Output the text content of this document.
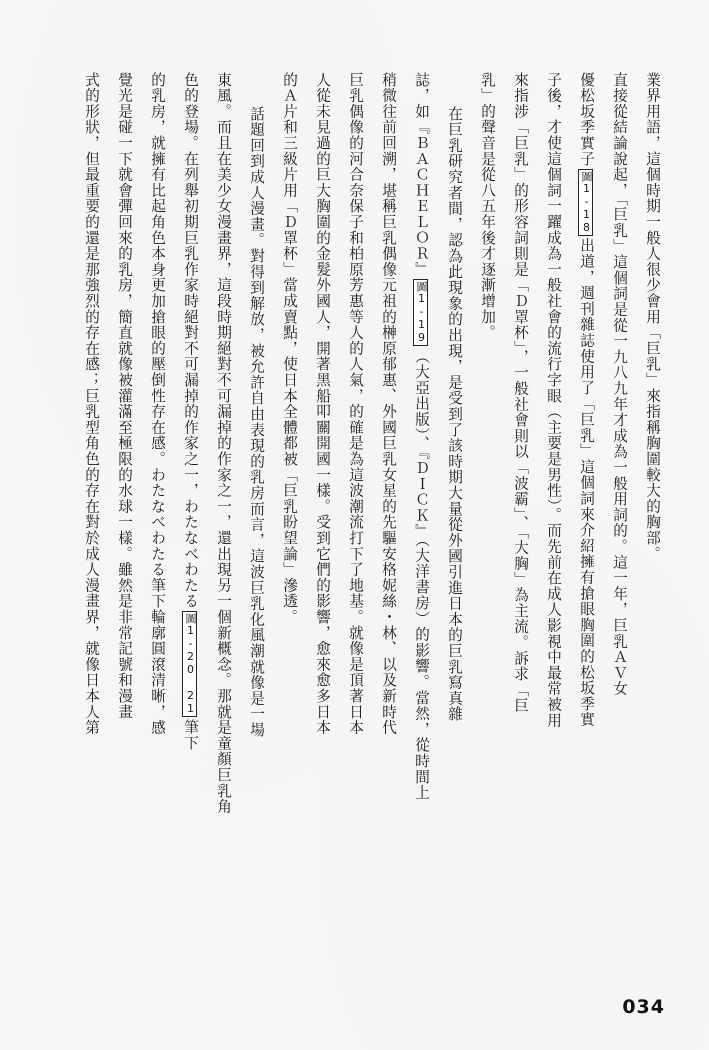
業界用語，這個時期一般人很少會用「巨乳」來指稱胸圍較大的胸部。

直接從結論說起，「巨乳」這個詞是從一九八九年才成為一般用詞的。這一年，巨乳ＡＶ女

優松坂季實子圖1-18出道，週刊雜誌使用了「巨乳」這個詞來介紹擁有搶眼胸圍的松坂季實

子後，才使這個詞一躍成為一般社會的流行字眼（主要是男性）。而先前在成人影視中最常被用

來指涉「巨乳」的形容詞則是「Ｄ罩杯」，一般社會則以「波霸」、「大胸」為主流。訴求「巨

乳」的聲音是從八五年後才逐漸增加。

在巨乳研究者間，認為此現象的出現，是受到了該時期大量從外國引進日本的巨乳寫真雜

誌，如『ＢＡＣＨＥＬＯＲ』圖1-19（大亞出版）、『ＤＩＣＫ』（大洋書房）的影響。當然，從時間上

稍微往前回溯，堪稱巨乳偶像元祖的榊原郁惠、外國巨乳女星的先驅安格妮絲・林、以及新時代

巨乳偶像的河合奈保子和柏原芳惠等人的人氣，的確是為這波潮流打下了地基。就像是頂著日本

人從未見過的巨大胸圍的金髮外國人，開著黑船叩關開國一樣。受到它們的影響，愈來愈多日本

的Ａ片和三級片用「Ｄ罩杯」當成賣點，使日本全體都被「巨乳盼望論」滲透。

話題回到成人漫畫。對得到解放，被允許自由表現的乳房而言，這波巨乳化風潮就像是一場

東風。而且在美少女漫畫界，這段時期絕對不可漏掉的作家之一，還出現另一個新概念。那就是童顏巨乳角

色的登場。在列舉初期巨乳作家時絕對不可漏掉的作家之一，わたなべわたる圖1-20 21筆下

的乳房，就擁有比起角色本身更加搶眼的壓倒性存在感。わたなべわたる筆下輪廓圓滾清晰，感

覺光是碰一下就會彈回來的乳房，簡直就像被灌滿至極限的水球一樣。雖然是非常記號和漫畫

式的形狀，但最重要的還是那強烈的存在感；巨乳型角色的存在對於成人漫畫界，就像日本人第

034
